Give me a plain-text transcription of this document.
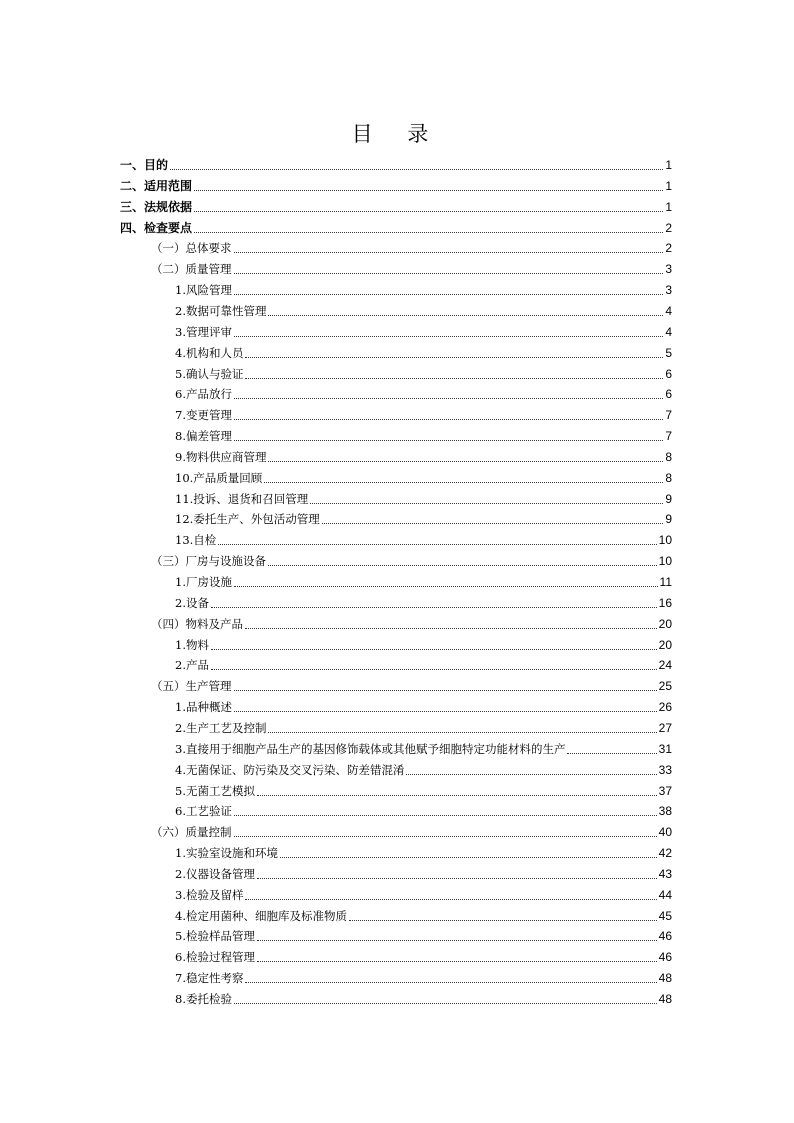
目 录
一、目的	1
二、适用范围	1
三、法规依据	1
四、检查要点	2
（一）总体要求	2
（二）质量管理	3
1.风险管理	3
2.数据可靠性管理	4
3.管理评审	4
4.机构和人员	5
5.确认与验证	6
6.产品放行	6
7.变更管理	7
8.偏差管理	7
9.物料供应商管理	8
10.产品质量回顾	8
11.投诉、退货和召回管理	9
12.委托生产、外包活动管理	9
13.自检	10
（三）厂房与设施设备	10
1.厂房设施	11
2.设备	16
（四）物料及产品	20
1.物料	20
2.产品	24
（五）生产管理	25
1.品种概述	26
2.生产工艺及控制	27
3.直接用于细胞产品生产的基因修饰载体或其他赋予细胞特定功能材料的生产	31
4.无菌保证、防污染及交叉污染、防差错混淆	33
5.无菌工艺模拟	37
6.工艺验证	38
（六）质量控制	40
1.实验室设施和环境	42
2.仪器设备管理	43
3.检验及留样	44
4.检定用菌种、细胞库及标准物质	45
5.检验样品管理	46
6.检验过程管理	46
7.稳定性考察	48
8.委托检验	48
